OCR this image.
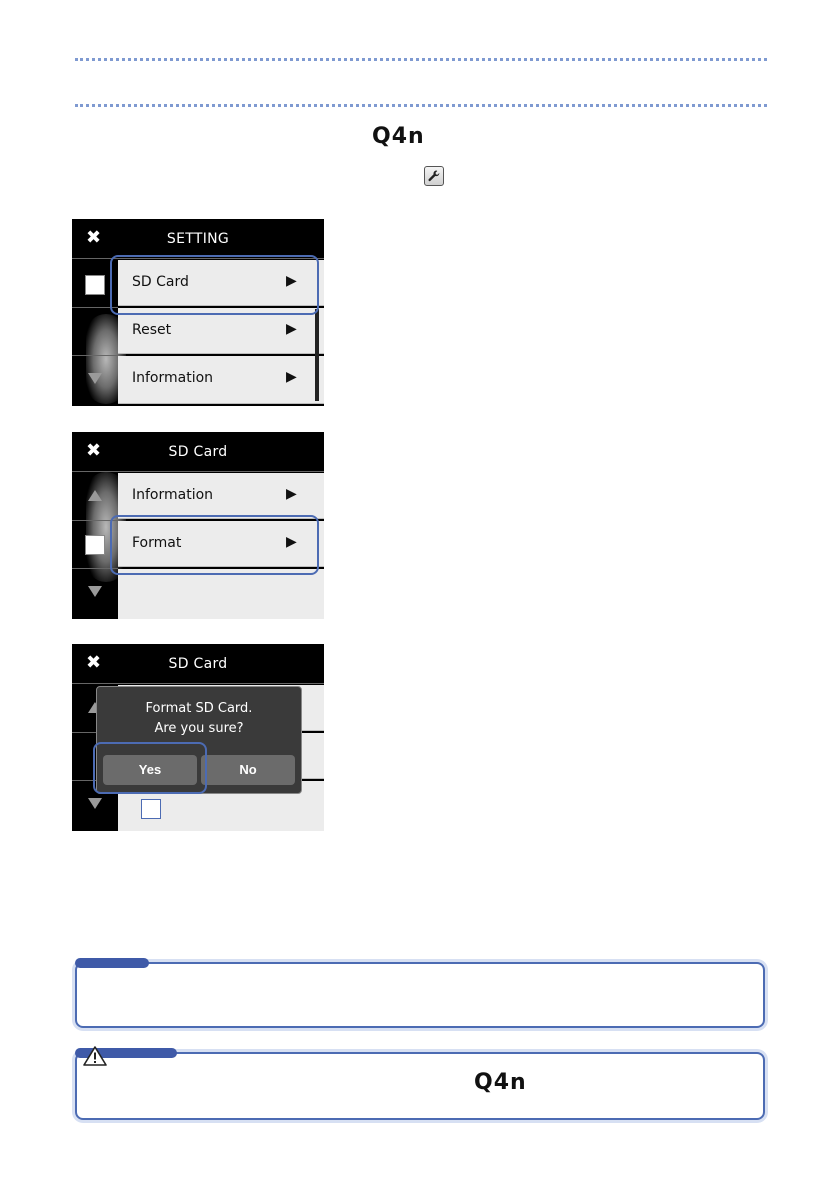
Q4n
✖	SETTING
SD Card	▶
Reset	▶
Information	▶
✖	SD Card
Information	▶
Format	▶
✖	SD Card
Format SD Card.
Are you sure?
Yes	No
Q4n
